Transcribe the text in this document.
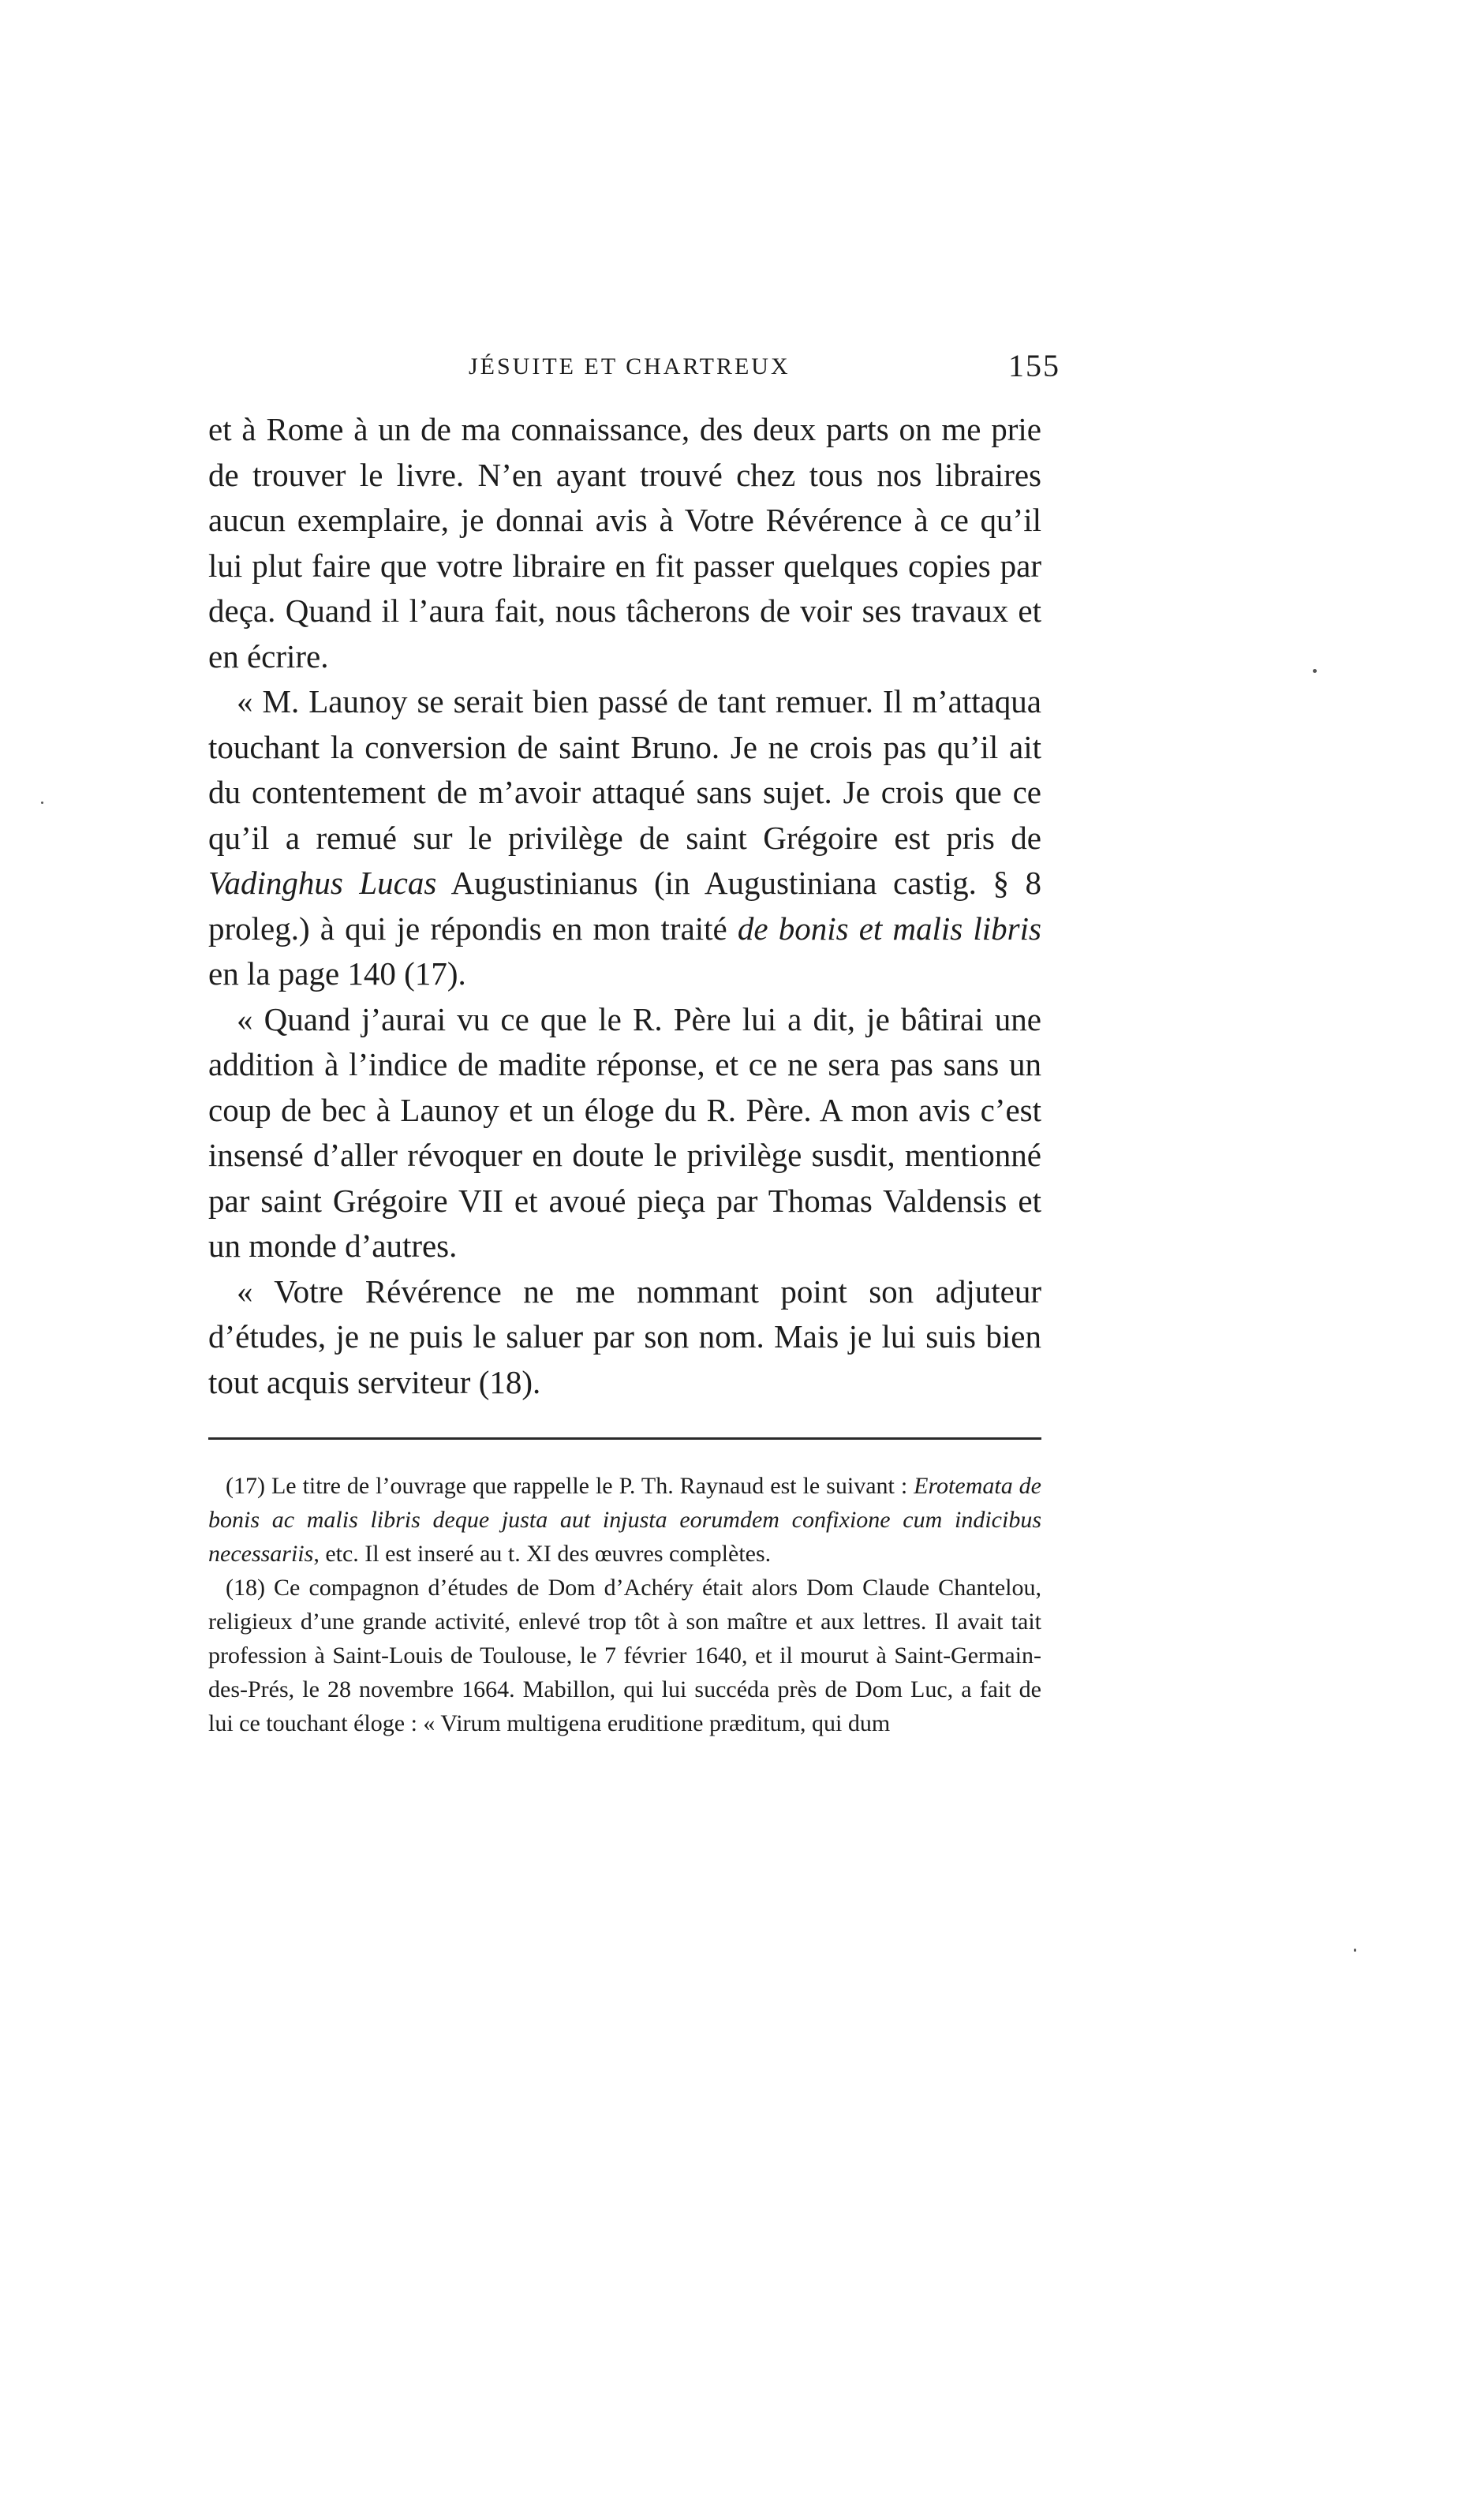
JÉSUITE ET CHARTREUX	155

et à Rome à un de ma connaissance, des deux parts on me prie de trouver le livre. N’en ayant trouvé chez tous nos libraires aucun exemplaire, je donnai avis à Votre Révérence à ce qu’il lui plut faire que votre libraire en fit passer quelques copies par deça. Quand il l’aura fait, nous tâcherons de voir ses travaux et en écrire.

« M. Launoy se serait bien passé de tant remuer. Il m’attaqua touchant la conversion de saint Bruno. Je ne crois pas qu’il ait du contentement de m’avoir attaqué sans sujet. Je crois que ce qu’il a remué sur le privilège de saint Grégoire est pris de Vadinghus Lucas Augustinianus (in Augustiniana castig. § 8 proleg.) à qui je répondis en mon traité de bonis et malis libris en la page 140 (17).

« Quand j’aurai vu ce que le R. Père lui a dit, je bâtirai une addition à l’indice de madite réponse, et ce ne sera pas sans un coup de bec à Launoy et un éloge du R. Père. A mon avis c’est insensé d’aller révoquer en doute le privilège susdit, mentionné par saint Grégoire VII et avoué pieça par Thomas Valdensis et un monde d’autres.

« Votre Révérence ne me nommant point son adjuteur d’études, je ne puis le saluer par son nom. Mais je lui suis bien tout acquis serviteur (18).

(17) Le titre de l’ouvrage que rappelle le P. Th. Raynaud est le suivant : Erotemata de bonis ac malis libris deque justa aut injusta eorumdem confixione cum indicibus necessariis, etc. Il est inseré au t. XI des œuvres complètes.

(18) Ce compagnon d’études de Dom d’Achéry était alors Dom Claude Chantelou, religieux d’une grande activité, enlevé trop tôt à son maître et aux lettres. Il avait tait profession à Saint-Louis de Toulouse, le 7 février 1640, et il mourut à Saint-Germain-des-Prés, le 28 novembre 1664. Mabillon, qui lui succéda près de Dom Luc, a fait de lui ce touchant éloge : « Virum multigena eruditione præditum, qui dum
